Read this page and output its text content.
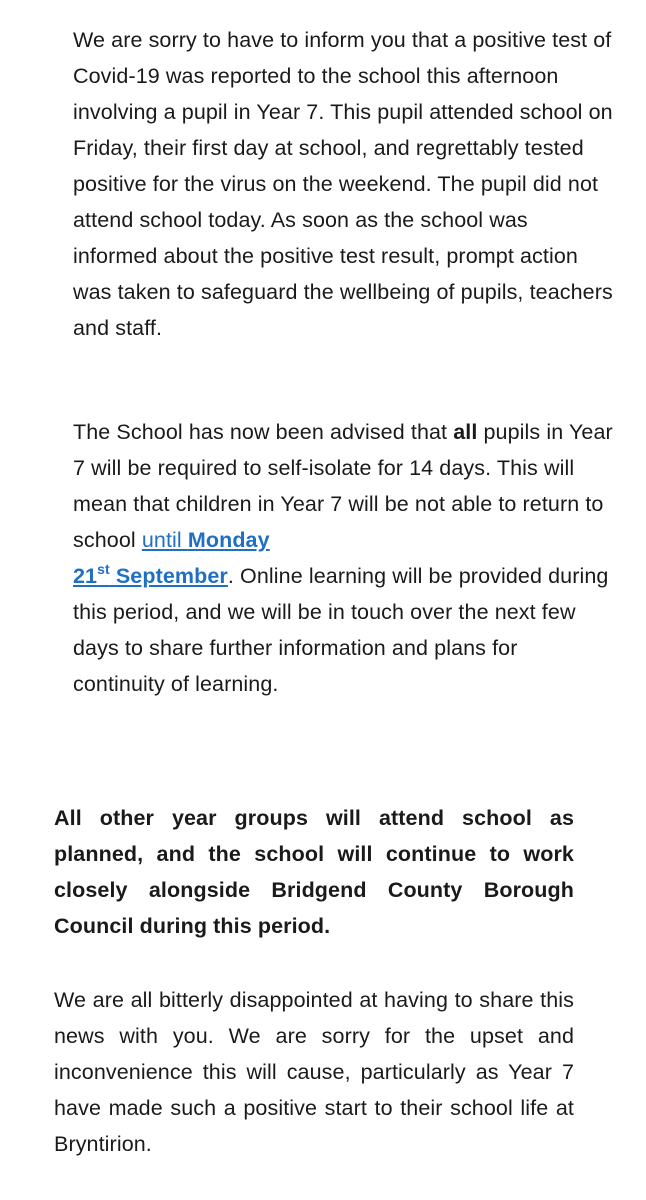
We are sorry to have to inform you that a positive test of Covid-19 was reported to the school this afternoon involving a pupil in Year 7. This pupil attended school on Friday, their first day at school, and regrettably tested positive for the virus on the weekend. The pupil did not attend school today. As soon as the school was informed about the positive test result, prompt action was taken to safeguard the wellbeing of pupils, teachers and staff.

The School has now been advised that all pupils in Year 7 will be required to self-isolate for 14 days. This will mean that children in Year 7 will be not able to return to school until Monday
21st September. Online learning will be provided during this period, and we will be in touch over the next few days to share further information and plans for continuity of learning.

All other year groups will attend school as planned, and the school will continue to work closely alongside Bridgend County Borough Council during this period.

We are all bitterly disappointed at having to share this news with you. We are sorry for the upset and inconvenience this will cause, particularly as Year 7 have made such a positive start to their school life at Bryntirion.
